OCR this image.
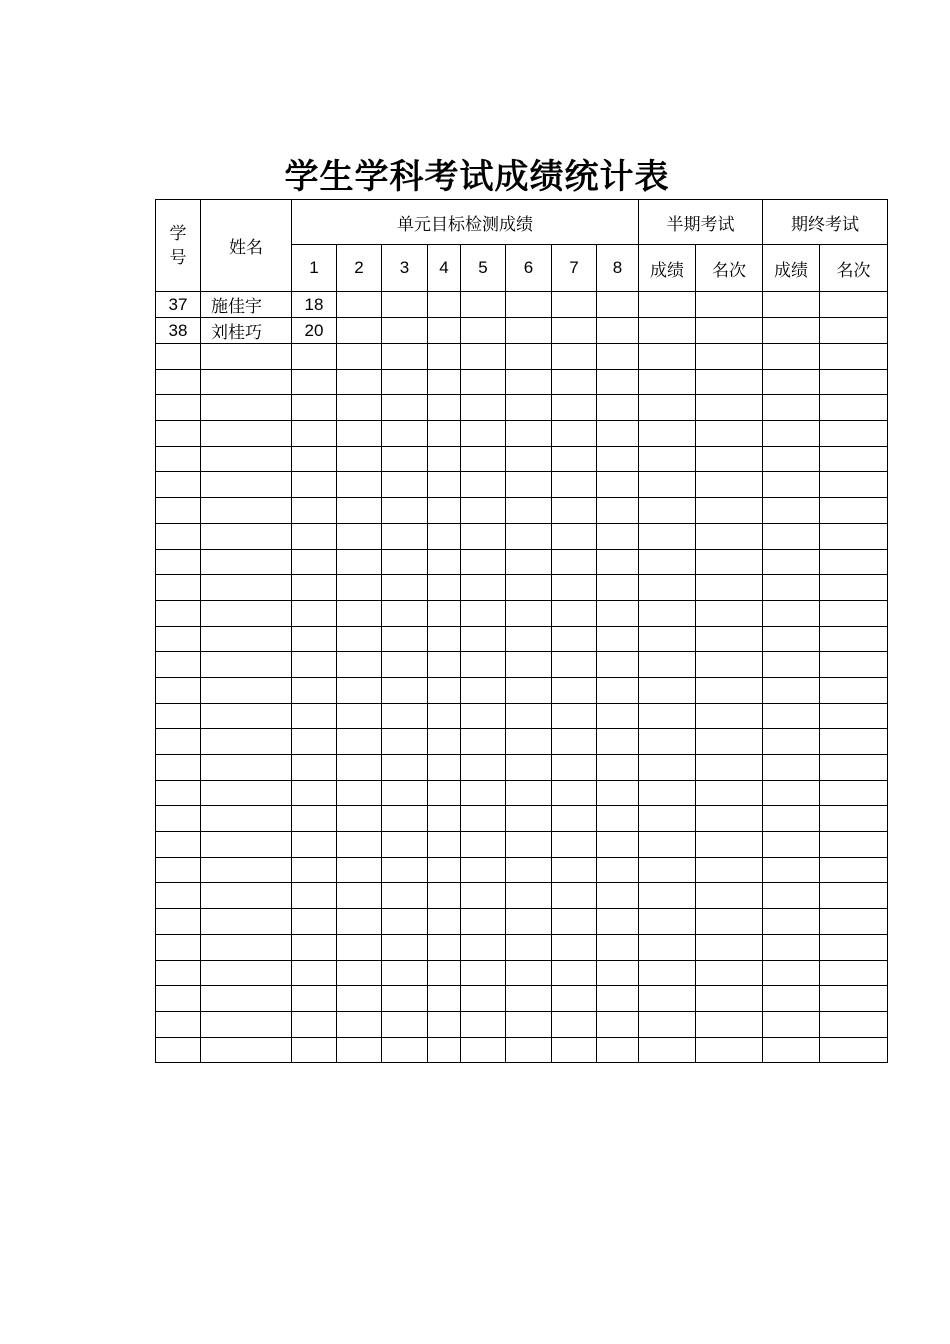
学生学科考试成绩统计表
学
号	姓名	单元目标检测成绩								半期考试		期终考试	
		1	2	3	4	5	6	7	8	成绩	名次	成绩	名次
37	施佳宇	18											
38	刘桂巧	20											
